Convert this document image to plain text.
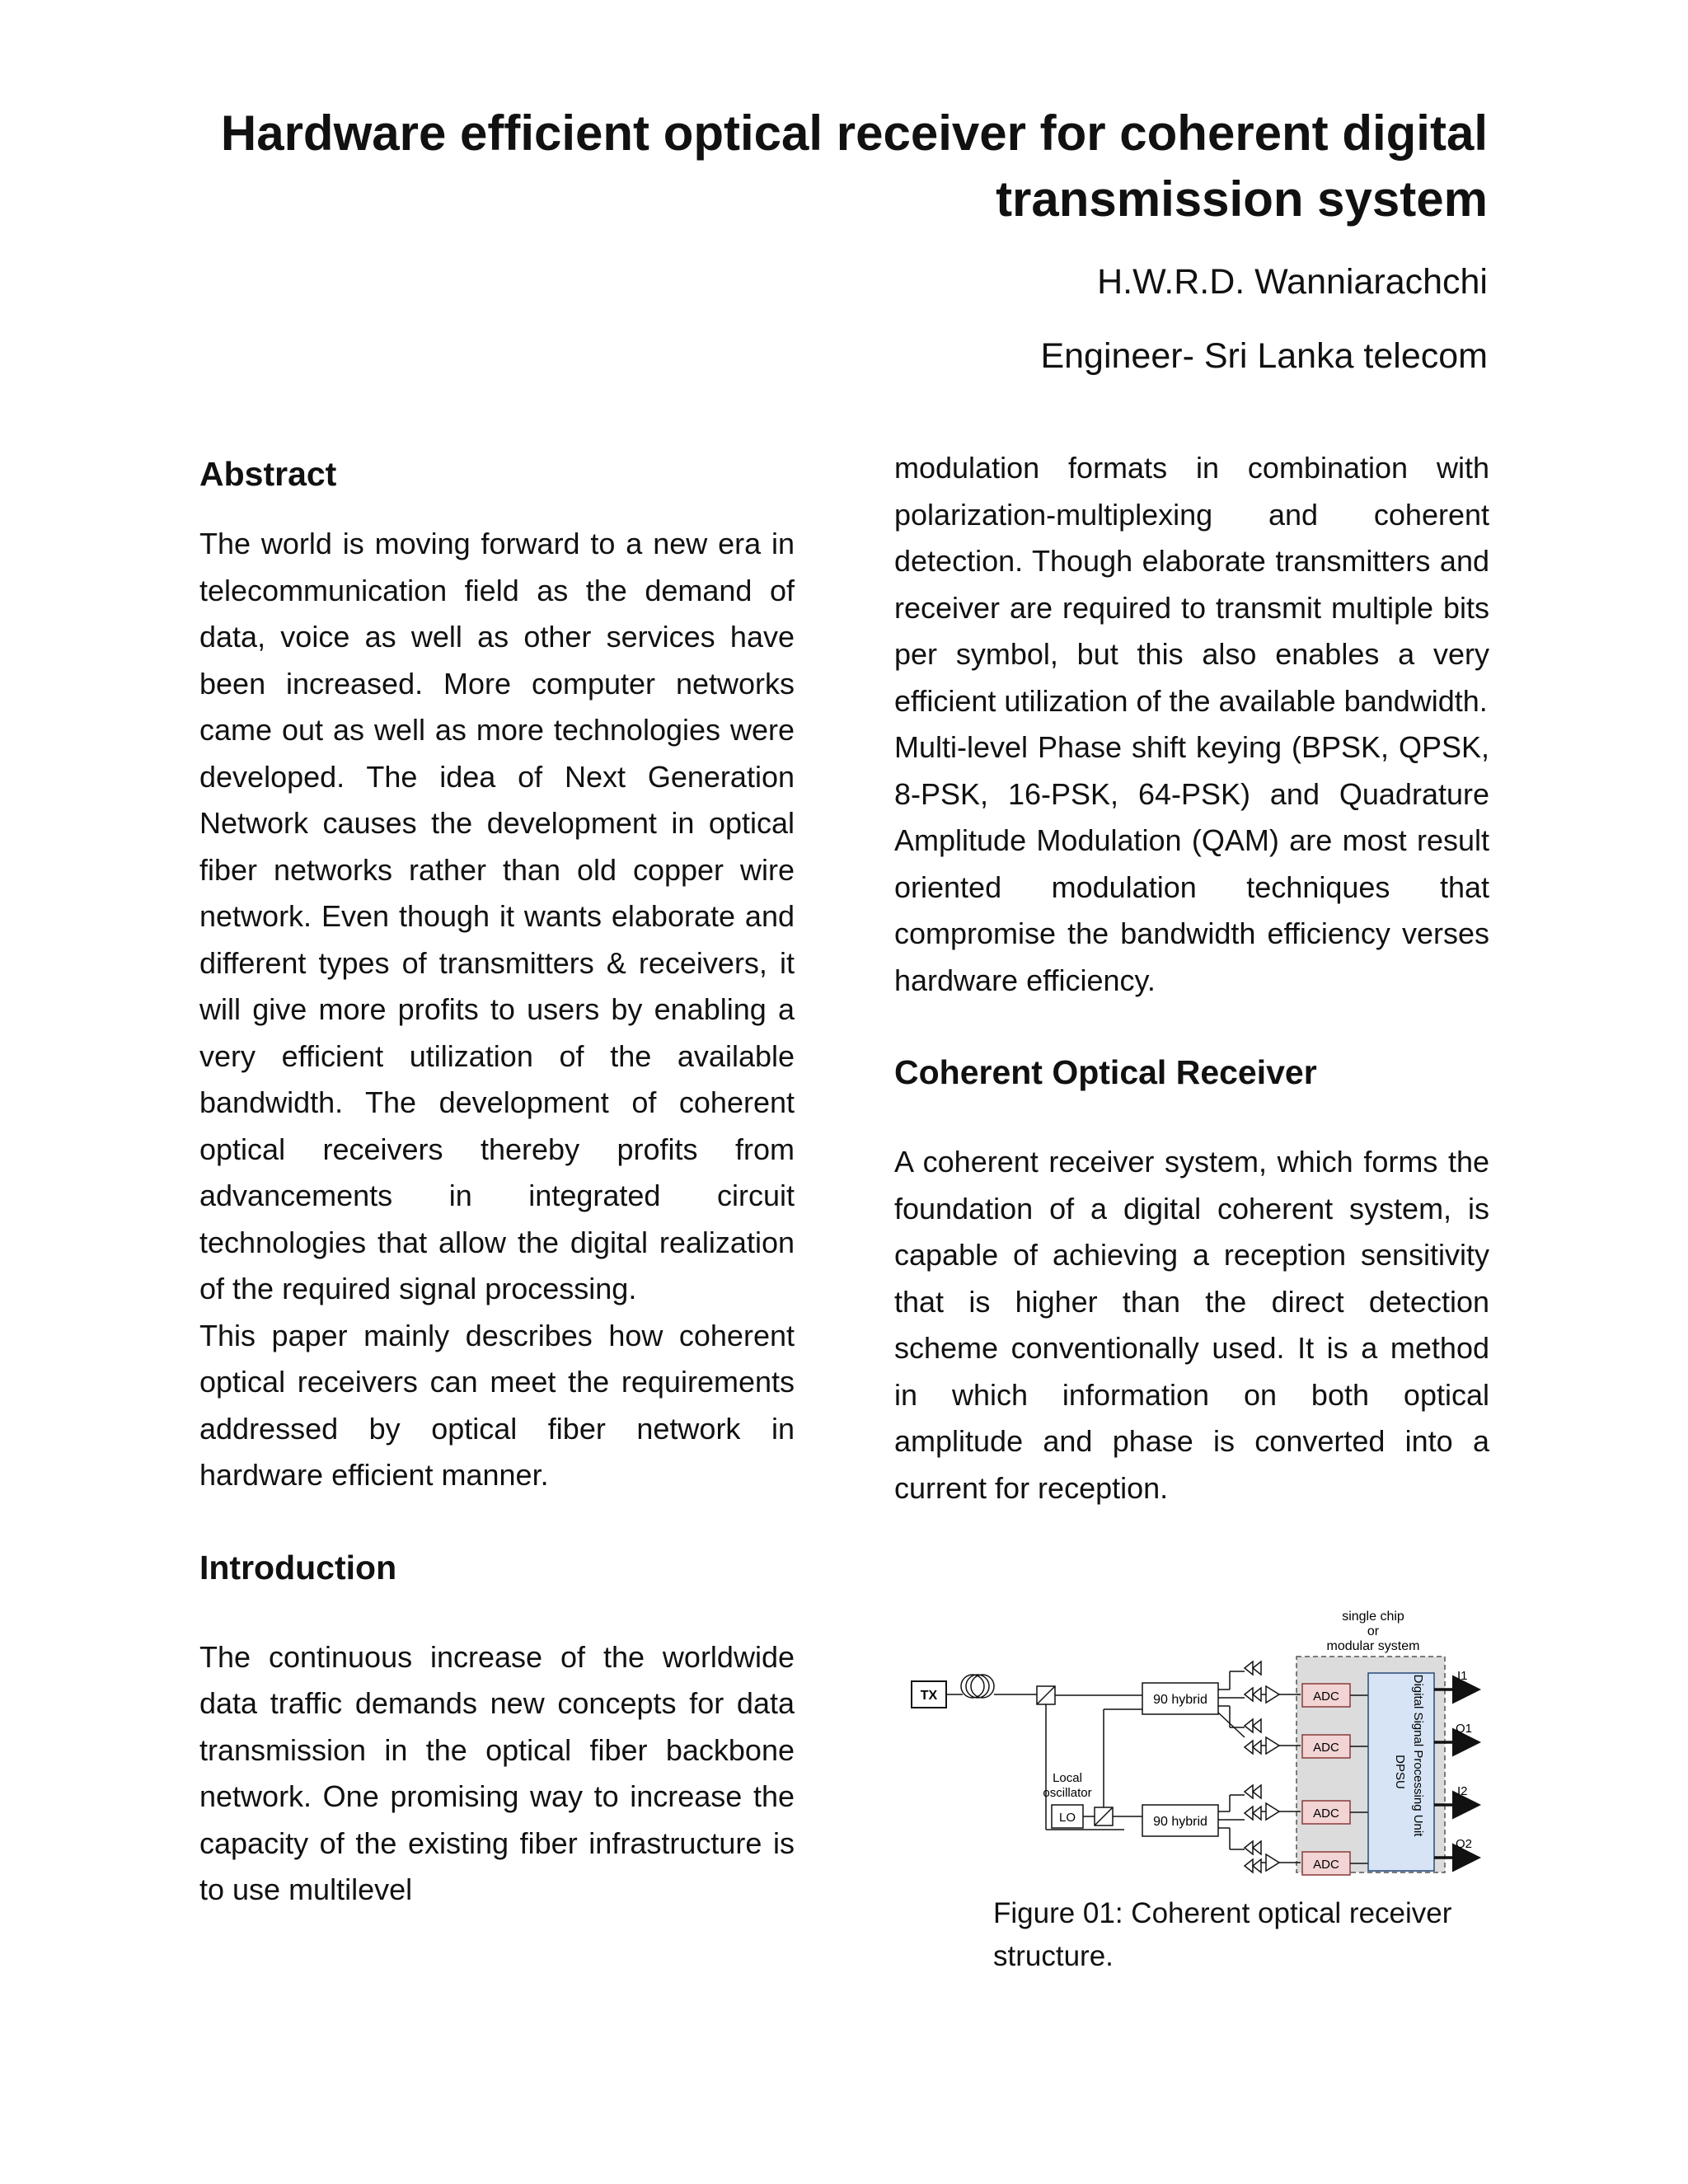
Hardware efficient optical receiver for coherent digital transmission system
H.W.R.D. Wanniarachchi
Engineer- Sri Lanka telecom
Abstract

The world is moving forward to a new era in telecommunication field as the demand of data, voice as well as other services have been increased. More computer networks came out as well as more technologies were developed. The idea of Next Generation Network causes the development in optical fiber networks rather than old copper wire network. Even though it wants elaborate and different types of transmitters & receivers, it will give more profits to users by enabling a very efficient utilization of the available bandwidth. The development of coherent optical receivers thereby profits from advancements in integrated circuit technologies that allow the digital realization of the required signal processing.

This paper mainly describes how coherent optical receivers can meet the requirements addressed by optical fiber network in hardware efficient manner.

Introduction

The continuous increase of the worldwide data traffic demands new concepts for data transmission in the optical fiber backbone network. One promising way to increase the capacity of the existing fiber infrastructure is to use multilevel

modulation formats in combination with polarization-multiplexing and coherent detection. Though elaborate transmitters and receiver are required to transmit multiple bits per symbol, but this also enables a very efficient utilization of the available bandwidth.

Multi-level Phase shift keying (BPSK, QPSK, 8-PSK, 16-PSK, 64-PSK) and Quadrature Amplitude Modulation (QAM) are most result oriented modulation techniques that compromise the bandwidth efficiency verses hardware efficiency.

Coherent Optical Receiver

A coherent receiver system, which forms the foundation of a digital coherent system, is capable of achieving a reception sensitivity that is higher than the direct detection scheme conventionally used. It is a method in which information on both optical amplitude and phase is converted into a current for reception.

single chip
or
modular system
TX	90 hybrid
90 hybrid
Local
oscillator
LO
ADC
ADC
ADC
ADC
DPSU Digital Signal Processing Unit	I1
Q1
I2
Q2

Figure 01: Coherent optical receiver structure.
